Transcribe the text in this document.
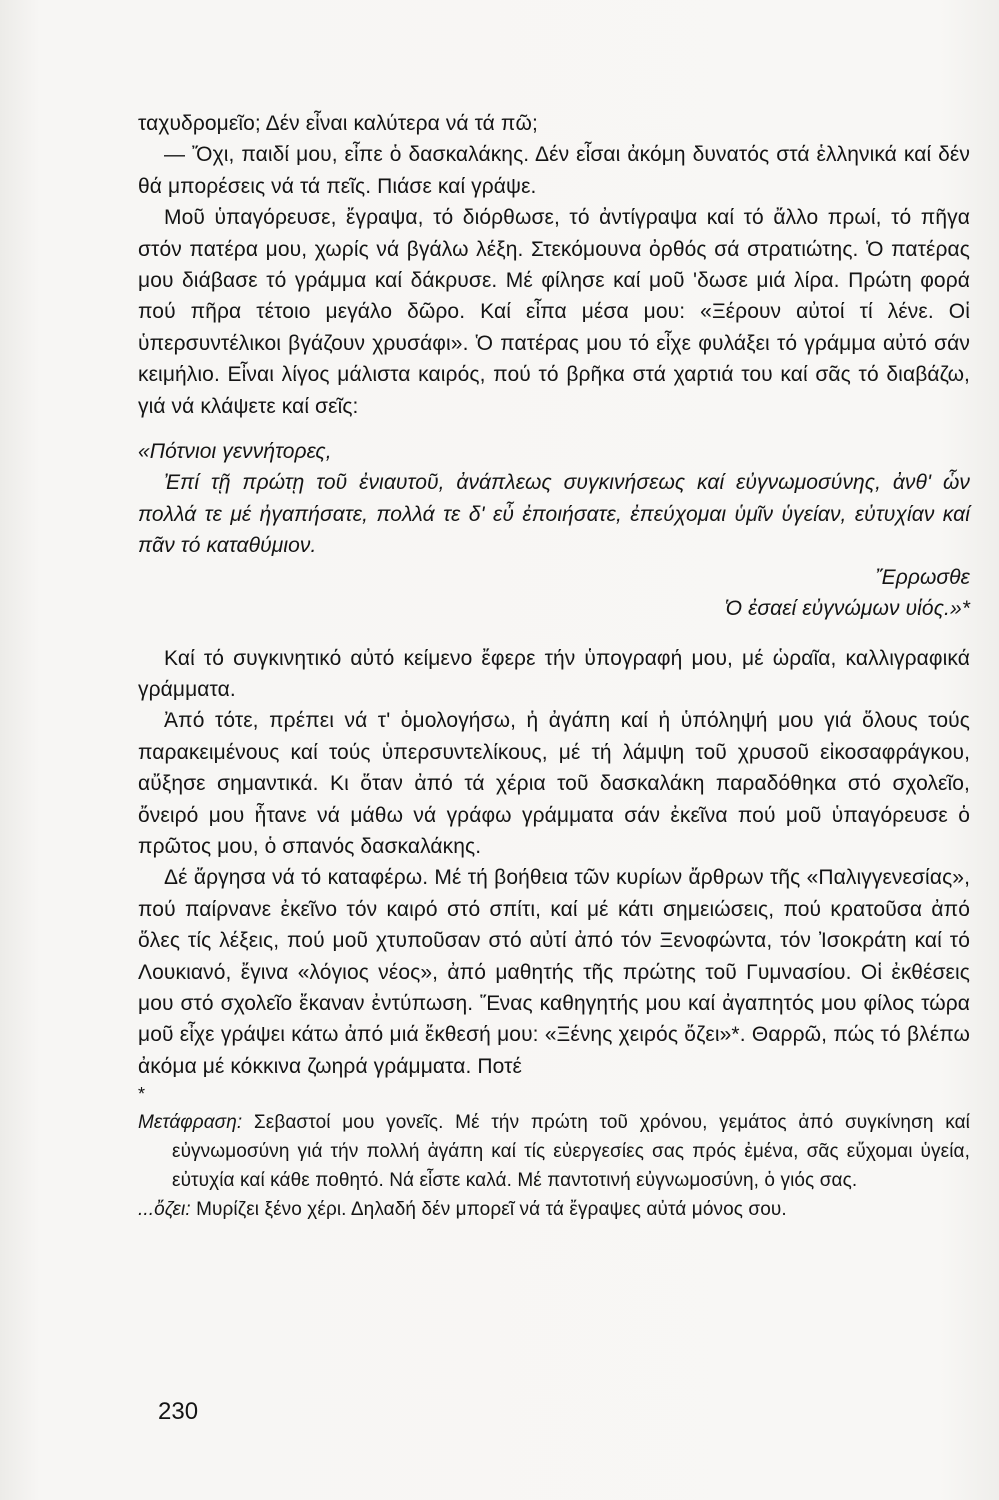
ταχυδρομεῖο; Δέν εἶναι καλύτερα νά τά πῶ;

— Ὄχι, παιδί μου, εἶπε ὁ δασκαλάκης. Δέν εἶσαι ἀκόμη δυνατός στά ἑλληνικά καί δέν θά μπορέσεις νά τά πεῖς. Πιάσε καί γράψε.

Μοῦ ὑπαγόρευσε, ἔγραψα, τό διόρθωσε, τό ἀντίγραψα καί τό ἄλλο πρωί, τό πῆγα στόν πατέρα μου, χωρίς νά βγάλω λέξη. Στεκόμουνα ὀρθός σά στρατιώτης. Ὁ πατέρας μου διάβασε τό γράμμα καί δάκρυσε. Μέ φίλησε καί μοῦ 'δωσε μιά λίρα. Πρώτη φορά πού πῆρα τέτοιο μεγάλο δῶρο. Καί εἶπα μέσα μου: «Ξέρουν αὐτοί τί λένε. Οἱ ὑπερσυντέλικοι βγάζουν χρυσάφι». Ὁ πατέρας μου τό εἶχε φυλάξει τό γράμμα αὐτό σάν κειμήλιο. Εἶναι λίγος μάλιστα καιρός, πού τό βρῆκα στά χαρτιά του καί σᾶς τό διαβάζω, γιά νά κλάψετε καί σεῖς:

«Πότνιοι γεννήτορες,

Ἐπί τῇ πρώτῃ τοῦ ἐνιαυτοῦ, ἀνάπλεως συγκινήσεως καί εὐγνωμοσύνης, ἀνθ' ὧν πολλά τε μέ ἠγαπήσατε, πολλά τε δ' εὖ ἐποιήσατε, ἐπεύχομαι ὑμῖν ὑγείαν, εὐτυχίαν καί πᾶν τό καταθύμιον.

Ἔρρωσθε

Ὁ ἐσαεί εὐγνώμων υἱός.»*

Καί τό συγκινητικό αὐτό κείμενο ἔφερε τήν ὑπογραφή μου, μέ ὡραῖα, καλλιγραφικά γράμματα.

Ἀπό τότε, πρέπει νά τ' ὁμολογήσω, ἡ ἀγάπη καί ἡ ὑπόληψή μου γιά ὅλους τούς παρακειμένους καί τούς ὑπερσυντελίκους, μέ τή λάμψη τοῦ χρυσοῦ εἰκοσαφράγκου, αὔξησε σημαντικά. Κι ὅταν ἀπό τά χέρια τοῦ δασκαλάκη παραδόθηκα στό σχολεῖο, ὄνειρό μου ἦτανε νά μάθω νά γράφω γράμματα σάν ἐκεῖνα πού μοῦ ὑπαγόρευσε ὁ πρῶτος μου, ὁ σπανός δασκαλάκης.

Δέ ἄργησα νά τό καταφέρω. Μέ τή βοήθεια τῶν κυρίων ἄρθρων τῆς «Παλιγγενεσίας», πού παίρνανε ἐκεῖνο τόν καιρό στό σπίτι, καί μέ κάτι σημειώσεις, πού κρατοῦσα ἀπό ὅλες τίς λέξεις, πού μοῦ χτυποῦσαν στό αὐτί ἀπό τόν Ξενοφώντα, τόν Ἰσοκράτη καί τό Λουκιανό, ἔγινα «λόγιος νέος», ἀπό μαθητής τῆς πρώτης τοῦ Γυμνασίου. Οἱ ἐκθέσεις μου στό σχολεῖο ἔκαναν ἐντύπωση. Ἕνας καθηγητής μου καί ἀγαπητός μου φίλος τώρα μοῦ εἶχε γράψει κάτω ἀπό μιά ἔκθεσή μου: «Ξένης χειρός ὄζει»*. Θαρρῶ, πώς τό βλέπω ἀκόμα μέ κόκκινα ζωηρά γράμματα. Ποτέ

*

Μετάφραση: Σεβαστοί μου γονεῖς. Μέ τήν πρώτη τοῦ χρόνου, γεμάτος ἀπό συγκίνηση καί εὐγνωμοσύνη γιά τήν πολλή ἀγάπη καί τίς εὐεργεσίες σας πρός ἐμένα, σᾶς εὔχομαι ὑγεία, εὐτυχία καί κάθε ποθητό. Νά εἶστε καλά. Μέ παντοτινή εὐγνωμοσύνη, ὁ γιός σας.

...ὄζει: Μυρίζει ξένο χέρι. Δηλαδή δέν μπορεῖ νά τά ἔγραψες αὐτά μόνος σου.

230
